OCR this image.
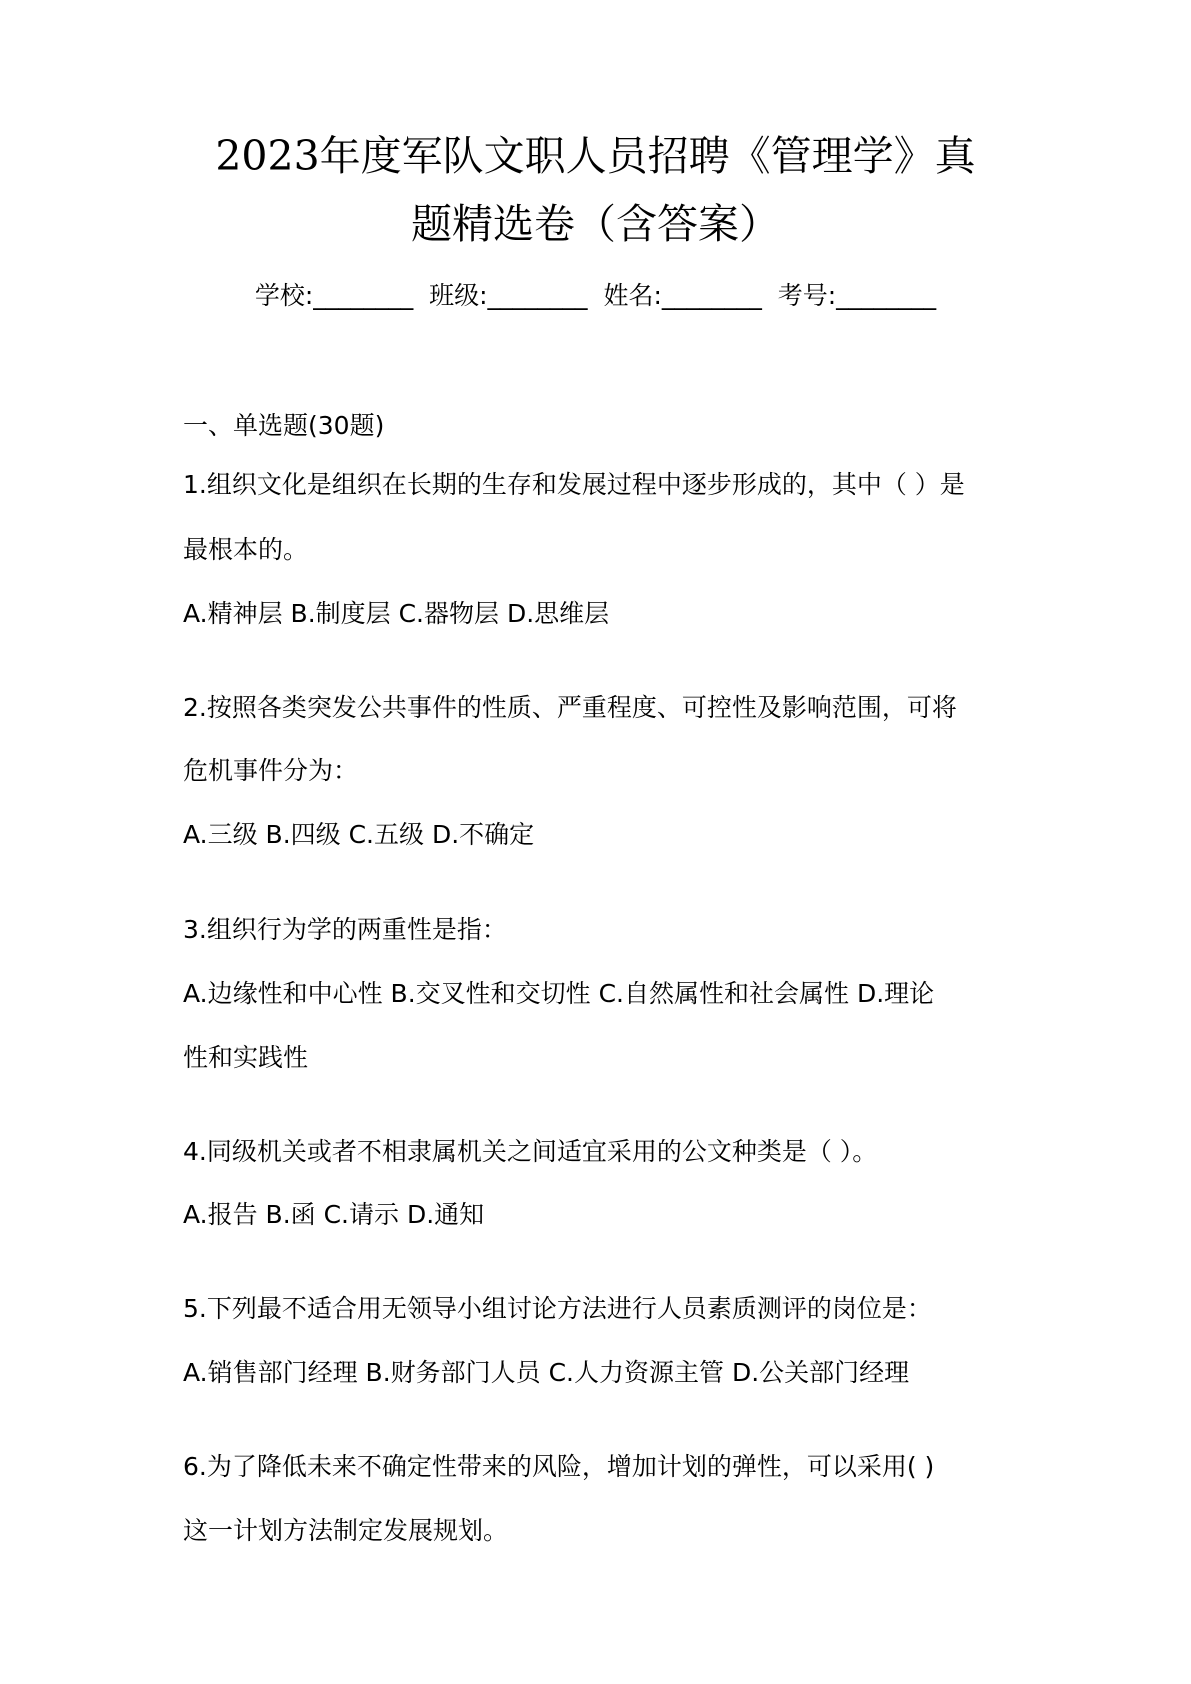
2023年度军队文职人员招聘《管理学》真
题精选卷（含答案）
学校:________  班级:________  姓名:________  考号:________
一、单选题(30题)
1.组织文化是组织在长期的生存和发展过程中逐步形成的，其中（ ）是
最根本的。
A.精神层 B.制度层 C.器物层 D.思维层
2.按照各类突发公共事件的性质、严重程度、可控性及影响范围，可将
危机事件分为：
A.三级 B.四级 C.五级 D.不确定
3.组织行为学的两重性是指：
A.边缘性和中心性 B.交叉性和交切性 C.自然属性和社会属性 D.理论
性和实践性
4.同级机关或者不相隶属机关之间适宜采用的公文种类是（ ）。
A.报告 B.函 C.请示 D.通知
5.下列最不适合用无领导小组讨论方法进行人员素质测评的岗位是：
A.销售部门经理 B.财务部门人员 C.人力资源主管 D.公关部门经理
6.为了降低未来不确定性带来的风险，增加计划的弹性，可以采用( )
这一计划方法制定发展规划。
